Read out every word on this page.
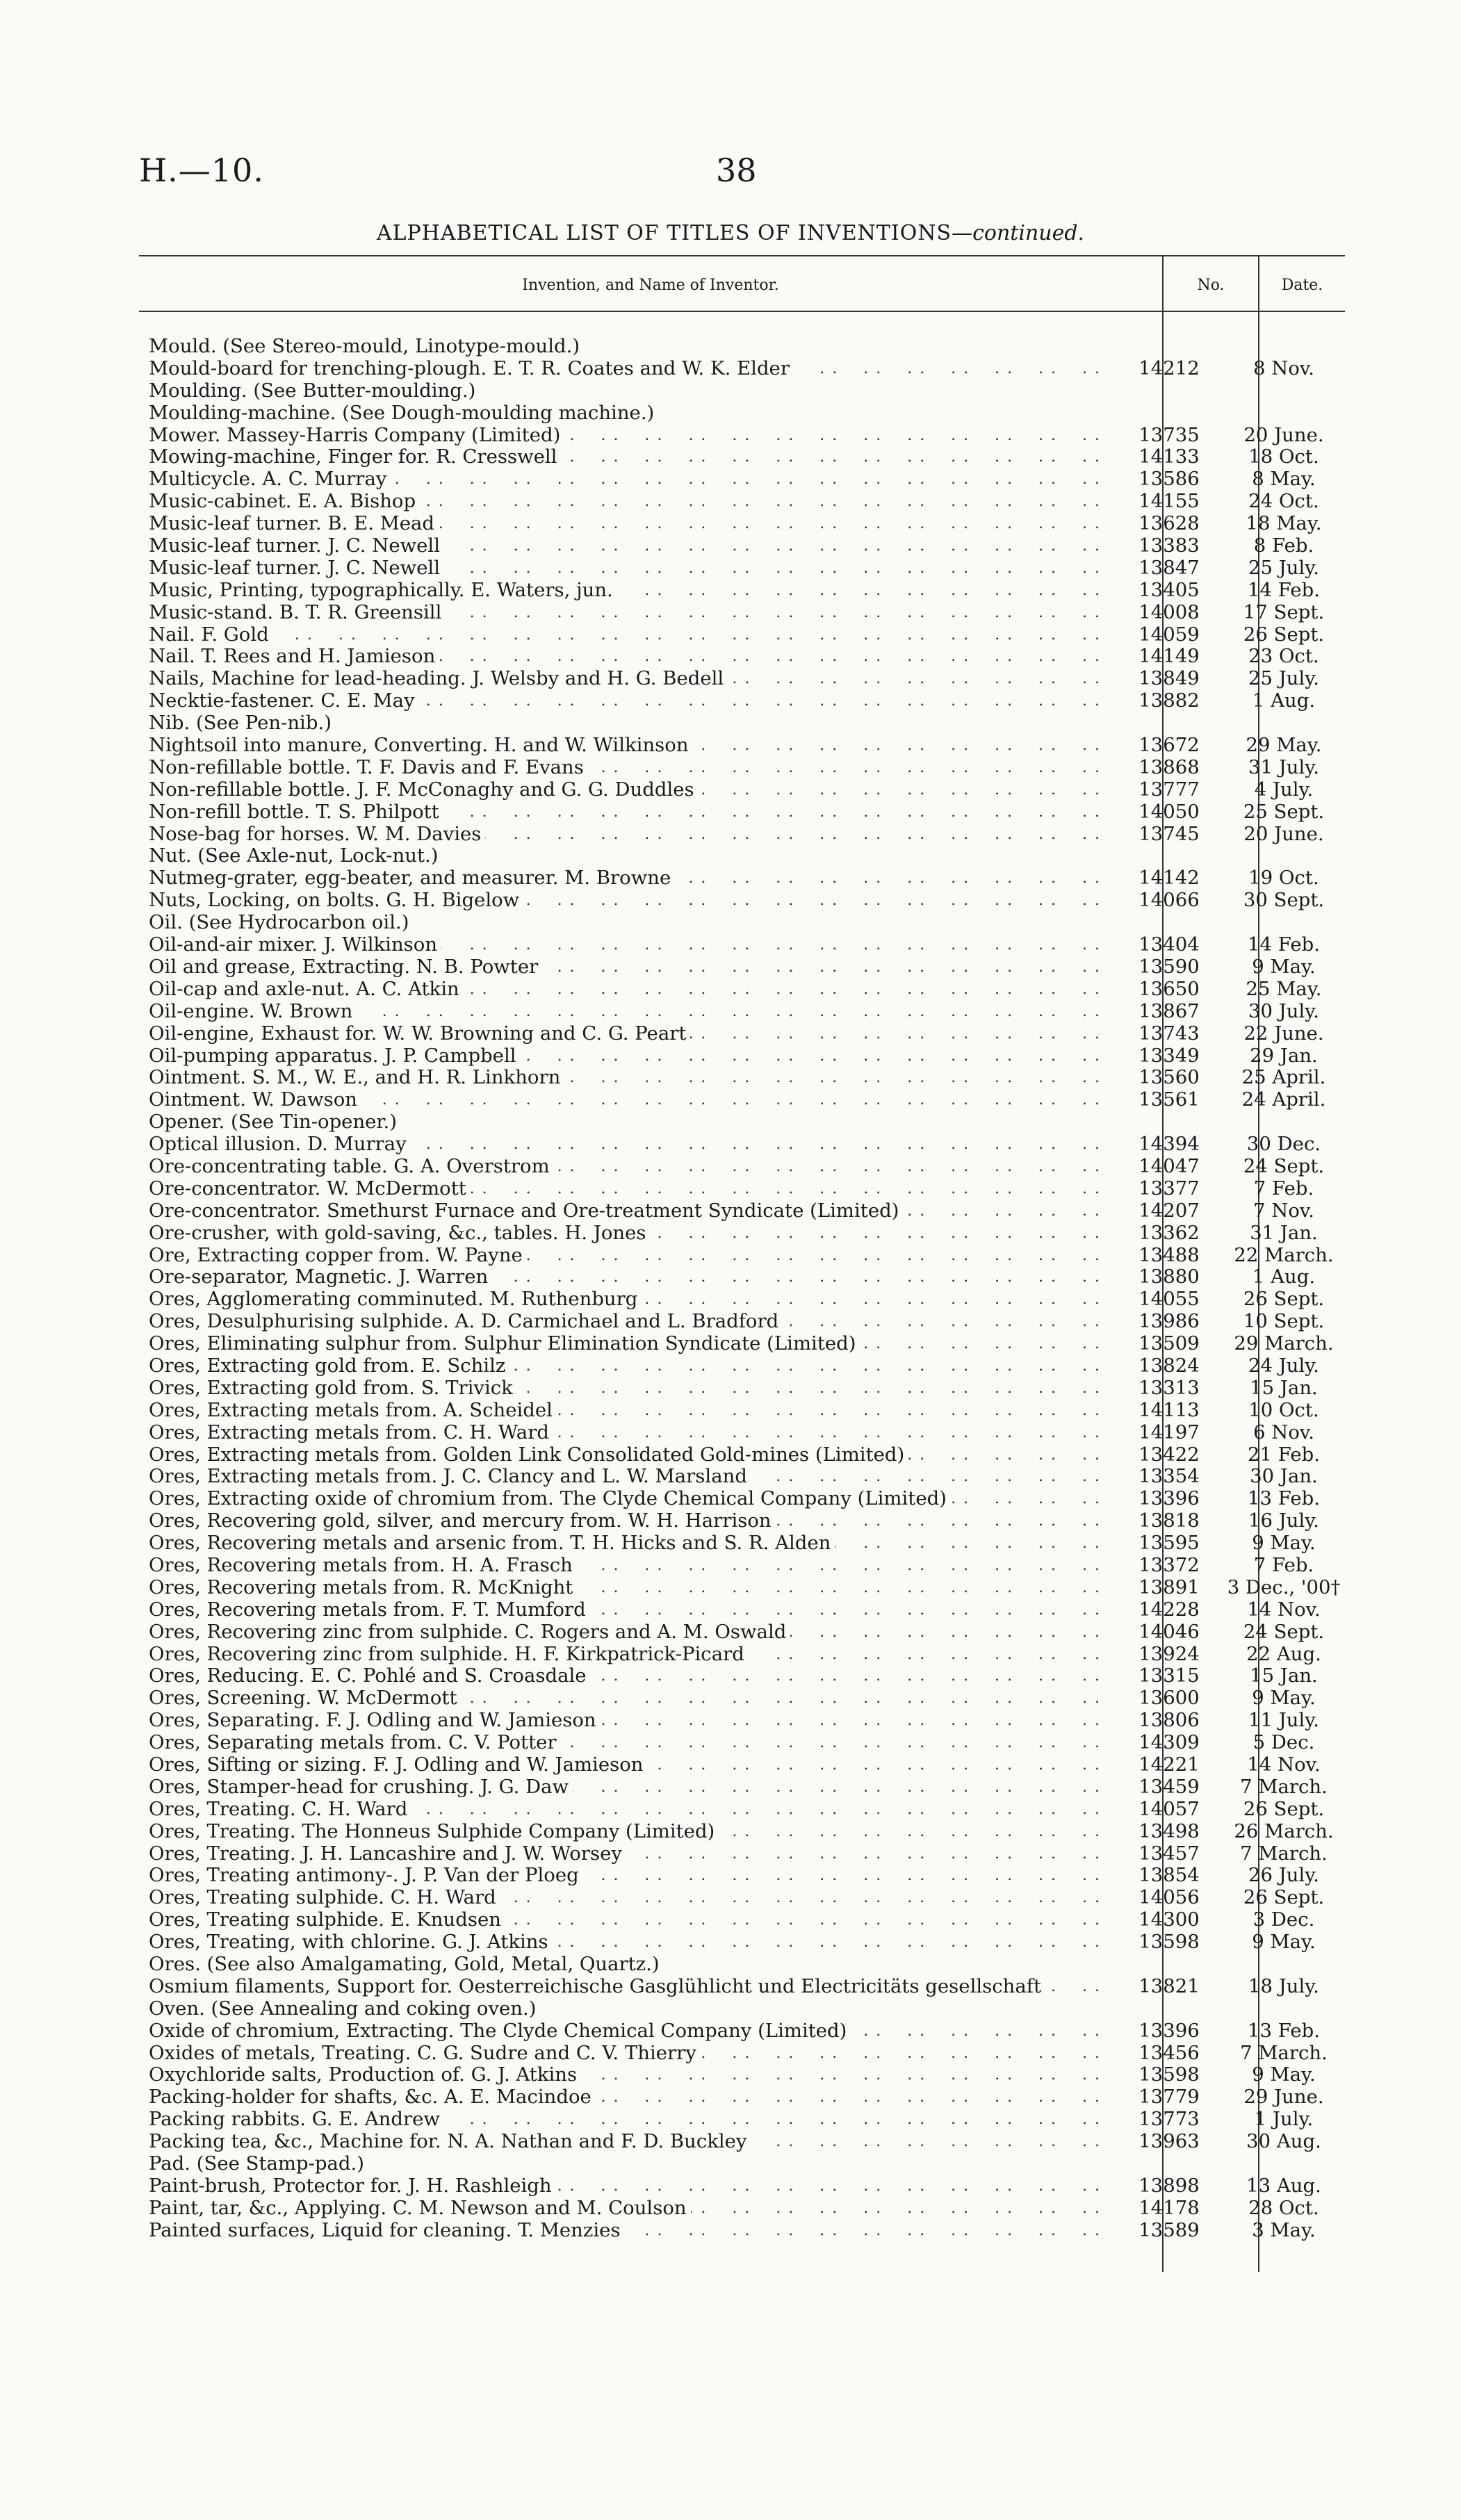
H.—10.	38
ALPHABETICAL LIST OF TITLES OF INVENTIONS—continued.
Invention, and Name of Inventor.	No.	Date.
Mould. (See Stereo-mould, Linotype-mould.)
. . Mould-board for trenching-plough. E. T. R. Coates and W. K. Elder	14212	8 Nov.
Moulding. (See Butter-moulding.)
Moulding-machine. (See Dough-moulding machine.)
. . Mower. Massey-Harris Company (Limited)	13735	20 June.
. . Mowing-machine, Finger for. R. Cresswell	14133	18 Oct.
. . Multicycle. A. C. Murray	13586	8 May.
. . Music-cabinet. E. A. Bishop	14155	24 Oct.
. . Music-leaf turner. B. E. Mead	13628	18 May.
. . Music-leaf turner. J. C. Newell	13383	8 Feb.
. . Music-leaf turner. J. C. Newell	13847	25 July.
. . Music, Printing, typographically. E. Waters, jun.	13405	14 Feb.
. . Music-stand. B. T. R. Greensill	14008	17 Sept.
. . Nail. F. Gold	14059	26 Sept.
. . Nail. T. Rees and H. Jamieson	14149	23 Oct.
. . Nails, Machine for lead-heading. J. Welsby and H. G. Bedell	13849	25 July.
. . Necktie-fastener. C. E. May	13882	1 Aug.
Nib. (See Pen-nib.)
. . Nightsoil into manure, Converting. H. and W. Wilkinson	13672	29 May.
. . Non-refillable bottle. T. F. Davis and F. Evans	13868	31 July.
. . Non-refillable bottle. J. F. McConaghy and G. G. Duddles	13777	4 July.
. . Non-refill bottle. T. S. Philpott	14050	25 Sept.
. . Nose-bag for horses. W. M. Davies	13745	20 June.
Nut. (See Axle-nut, Lock-nut.)
. . Nutmeg-grater, egg-beater, and measurer. M. Browne	14142	19 Oct.
. . Nuts, Locking, on bolts. G. H. Bigelow	14066	30 Sept.
Oil. (See Hydrocarbon oil.)
. . Oil-and-air mixer. J. Wilkinson	13404	14 Feb.
. . Oil and grease, Extracting. N. B. Powter	13590	9 May.
. . Oil-cap and axle-nut. A. C. Atkin	13650	25 May.
. . Oil-engine. W. Brown	13867	30 July.
. . Oil-engine, Exhaust for. W. W. Browning and C. G. Peart	13743	22 June.
. . Oil-pumping apparatus. J. P. Campbell	13349	29 Jan.
. . Ointment. S. M., W. E., and H. R. Linkhorn	13560	25 April.
. . Ointment. W. Dawson	13561	24 April.
Opener. (See Tin-opener.)
. . Optical illusion. D. Murray	14394	30 Dec.
. . Ore-concentrating table. G. A. Overstrom	14047	24 Sept.
. . Ore-concentrator. W. McDermott	13377	7 Feb.
. . Ore-concentrator. Smethurst Furnace and Ore-treatment Syndicate (Limited)	14207	7 Nov.
. . Ore-crusher, with gold-saving, &c., tables. H. Jones	13362	31 Jan.
. . Ore, Extracting copper from. W. Payne	13488	22 March.
. . Ore-separator, Magnetic. J. Warren	13880	1 Aug.
. . Ores, Agglomerating comminuted. M. Ruthenburg	14055	26 Sept.
. . Ores, Desulphurising sulphide. A. D. Carmichael and L. Bradford	13986	10 Sept.
. . Ores, Eliminating sulphur from. Sulphur Elimination Syndicate (Limited)	13509	29 March.
. . Ores, Extracting gold from. E. Schilz	13824	24 July.
. . Ores, Extracting gold from. S. Trivick	13313	15 Jan.
. . Ores, Extracting metals from. A. Scheidel	14113	10 Oct.
. . Ores, Extracting metals from. C. H. Ward	14197	6 Nov.
. . Ores, Extracting metals from. Golden Link Consolidated Gold-mines (Limited)	13422	21 Feb.
. . Ores, Extracting metals from. J. C. Clancy and L. W. Marsland	13354	30 Jan.
. . Ores, Extracting oxide of chromium from. The Clyde Chemical Company (Limited)	13396	13 Feb.
. . Ores, Recovering gold, silver, and mercury from. W. H. Harrison	13818	16 July.
. . Ores, Recovering metals and arsenic from. T. H. Hicks and S. R. Alden	13595	9 May.
. . Ores, Recovering metals from. H. A. Frasch	13372	7 Feb.
. . Ores, Recovering metals from. R. McKnight	13891	3 Dec., '00†
. . Ores, Recovering metals from. F. T. Mumford	14228	14 Nov.
. . Ores, Recovering zinc from sulphide. C. Rogers and A. M. Oswald	14046	24 Sept.
. . Ores, Recovering zinc from sulphide. H. F. Kirkpatrick-Picard	13924	22 Aug.
. . Ores, Reducing. E. C. Pohlé and S. Croasdale	13315	15 Jan.
. . Ores, Screening. W. McDermott	13600	9 May.
. . Ores, Separating. F. J. Odling and W. Jamieson	13806	11 July.
. . Ores, Separating metals from. C. V. Potter	14309	5 Dec.
. . Ores, Sifting or sizing. F. J. Odling and W. Jamieson	14221	14 Nov.
. . Ores, Stamper-head for crushing. J. G. Daw	13459	7 March.
. . Ores, Treating. C. H. Ward	14057	26 Sept.
. . Ores, Treating. The Honneus Sulphide Company (Limited)	13498	26 March.
. . Ores, Treating. J. H. Lancashire and J. W. Worsey	13457	7 March.
. . Ores, Treating antimony-. J. P. Van der Ploeg	13854	26 July.
. . Ores, Treating sulphide. C. H. Ward	14056	26 Sept.
. . Ores, Treating sulphide. E. Knudsen	14300	3 Dec.
. . Ores, Treating, with chlorine. G. J. Atkins	13598	9 May.
Ores. (See also Amalgamating, Gold, Metal, Quartz.)
. . Osmium filaments, Support for. Oesterreichische Gasglühlicht und Electricitäts gesellschaft	13821	18 July.
Oven. (See Annealing and coking oven.)
. . Oxide of chromium, Extracting. The Clyde Chemical Company (Limited)	13396	13 Feb.
. . Oxides of metals, Treating. C. G. Sudre and C. V. Thierry	13456	7 March.
. . Oxychloride salts, Production of. G. J. Atkins	13598	9 May.
. . Packing-holder for shafts, &c. A. E. Macindoe	13779	29 June.
. . Packing rabbits. G. E. Andrew	13773	1 July.
. . Packing tea, &c., Machine for. N. A. Nathan and F. D. Buckley	13963	30 Aug.
Pad. (See Stamp-pad.)
. . Paint-brush, Protector for. J. H. Rashleigh	13898	13 Aug.
. . Paint, tar, &c., Applying. C. M. Newson and M. Coulson	14178	28 Oct.
. . Painted surfaces, Liquid for cleaning. T. Menzies	13589	3 May.
